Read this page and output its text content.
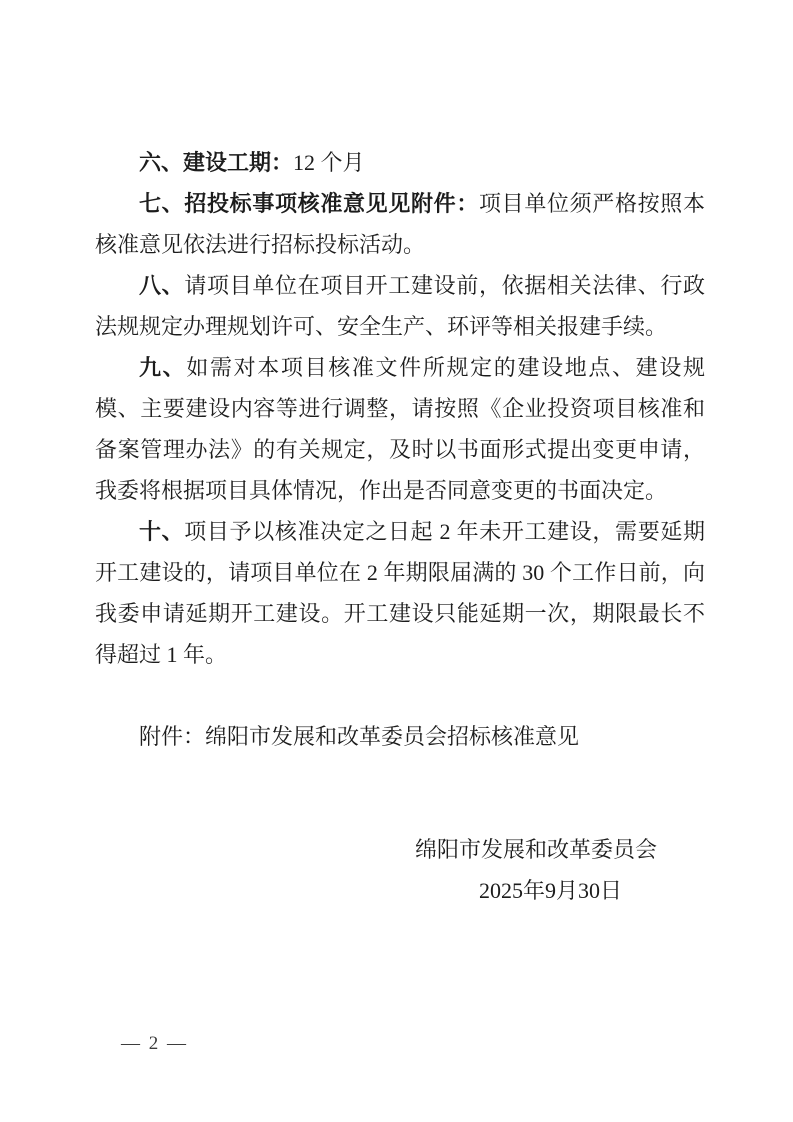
六、建设工期：12 个月

七、招投标事项核准意见见附件：项目单位须严格按照本核准意见依法进行招标投标活动。

八、请项目单位在项目开工建设前，依据相关法律、行政法规规定办理规划许可、安全生产、环评等相关报建手续。

九、如需对本项目核准文件所规定的建设地点、建设规模、主要建设内容等进行调整，请按照《企业投资项目核准和备案管理办法》的有关规定，及时以书面形式提出变更申请，我委将根据项目具体情况，作出是否同意变更的书面决定。

十、项目予以核准决定之日起 2 年未开工建设，需要延期开工建设的，请项目单位在 2 年期限届满的 30 个工作日前，向我委申请延期开工建设。开工建设只能延期一次，期限最长不得超过 1 年。

附件：绵阳市发展和改革委员会招标核准意见

绵阳市发展和改革委员会
2025年9月30日
— 2 —
